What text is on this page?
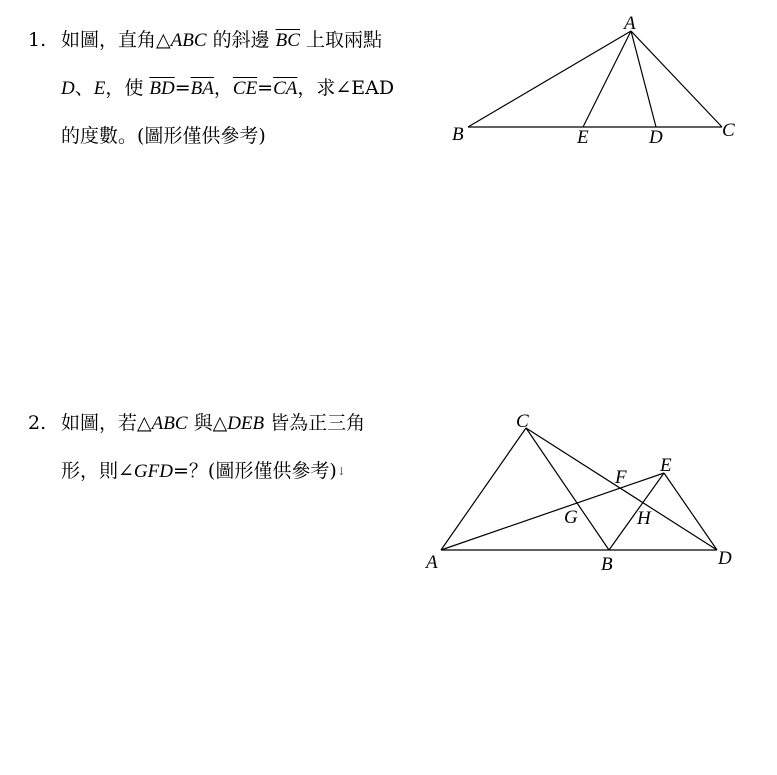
1. 如圖，直角△ABC 的斜邊 $\overline{BC}$ 上取兩點
D、E，使 $\overline{BD}=\overline{BA}$，$\overline{CE}=\overline{CA}$，求∠EAD
的度數。(圖形僅供參考)
A
B	C
E	D
2. 如圖，若△ABC 與△DEB 皆為正三角
形，則∠GFD=？(圖形僅供參考)↓
C
E
F
G	H
A	B	D
